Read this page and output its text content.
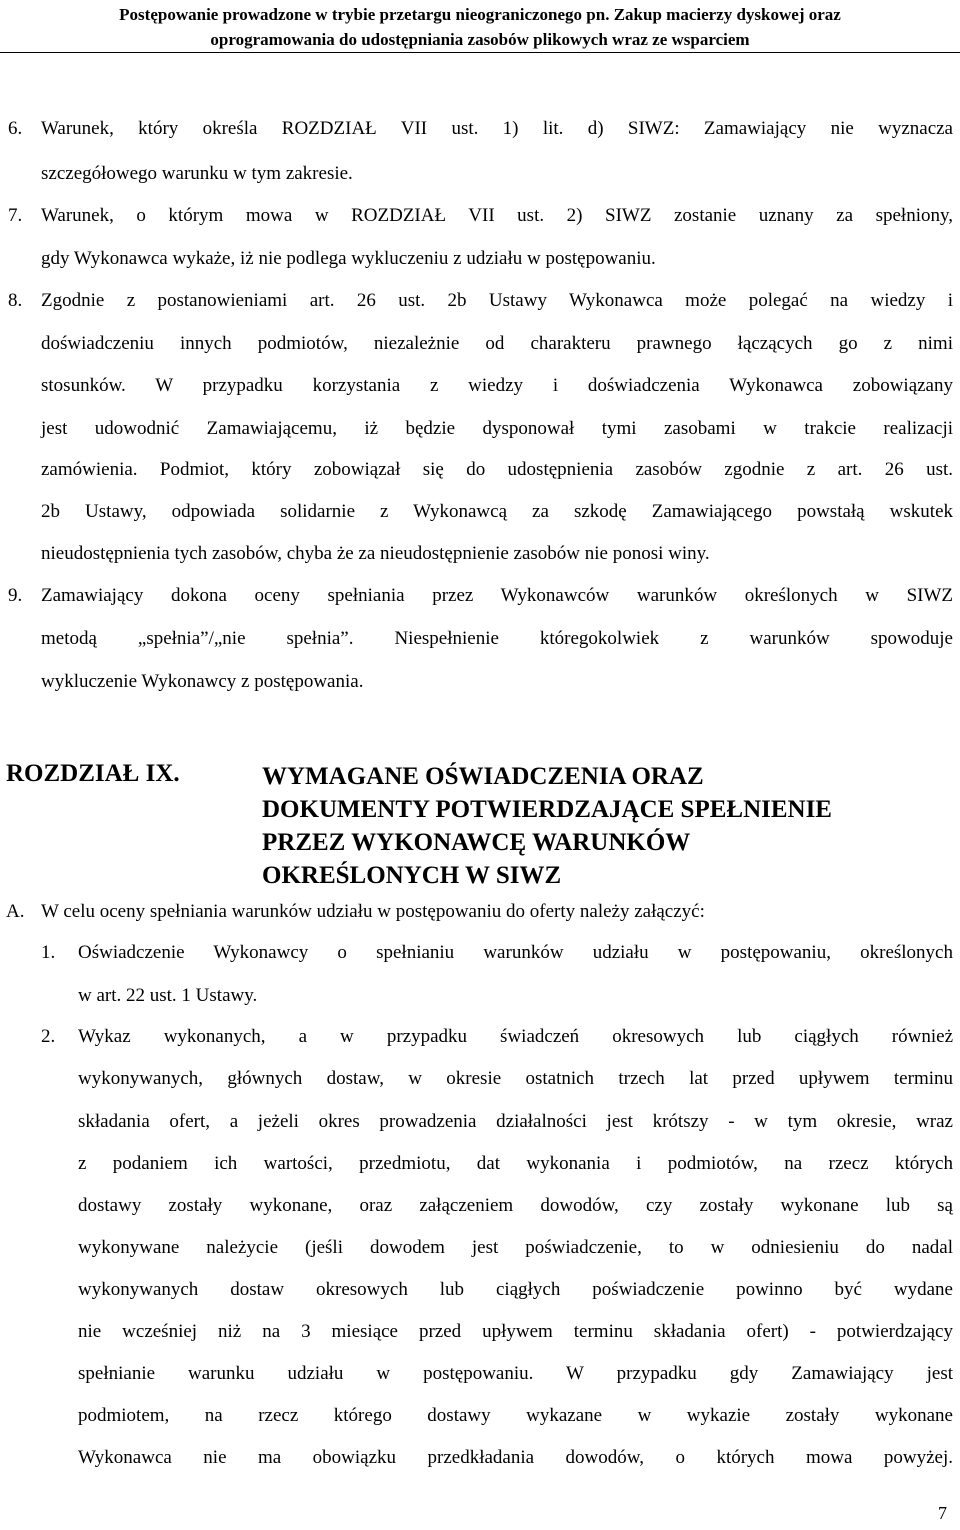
Postępowanie prowadzone w trybie przetargu nieograniczonego pn. Zakup macierzy dyskowej oraz
oprogramowania do udostępniania zasobów plikowych wraz ze wsparciem
6. Warunek, który określa ROZDZIAŁ VII ust. 1) lit. d) SIWZ: Zamawiający nie wyznacza
szczegółowego warunku w tym zakresie.
7. Warunek, o którym mowa w ROZDZIAŁ VII ust. 2) SIWZ zostanie uznany za spełniony,
gdy Wykonawca wykaże, iż nie podlega wykluczeniu z udziału w postępowaniu.
8. Zgodnie z postanowieniami art. 26 ust. 2b Ustawy Wykonawca może polegać na wiedzy i
doświadczeniu innych podmiotów, niezależnie od charakteru prawnego łączących go z nimi
stosunków. W przypadku korzystania z wiedzy i doświadczenia Wykonawca zobowiązany
jest udowodnić Zamawiającemu, iż będzie dysponował tymi zasobami w trakcie realizacji
zamówienia. Podmiot, który zobowiązał się do udostępnienia zasobów zgodnie z art. 26 ust.
2b Ustawy, odpowiada solidarnie z Wykonawcą za szkodę Zamawiającego powstałą wskutek
nieudostępnienia tych zasobów, chyba że za nieudostępnienie zasobów nie ponosi winy.
9. Zamawiający dokona oceny spełniania przez Wykonawców warunków określonych w SIWZ
metodą „spełnia”/„nie spełnia”. Niespełnienie któregokolwiek z warunków spowoduje
wykluczenie Wykonawcy z postępowania.
ROZDZIAŁ IX.	WYMAGANE OŚWIADCZENIA ORAZ
DOKUMENTY POTWIERDZAJĄCE SPEŁNIENIE
PRZEZ WYKONAWCĘ WARUNKÓW
OKREŚLONYCH W SIWZ
A. W celu oceny spełniania warunków udziału w postępowaniu do oferty należy załączyć:
1. Oświadczenie Wykonawcy o spełnianiu warunków udziału w postępowaniu, określonych
w art. 22 ust. 1 Ustawy.
2. Wykaz wykonanych, a w przypadku świadczeń okresowych lub ciągłych również
wykonywanych, głównych dostaw, w okresie ostatnich trzech lat przed upływem terminu
składania ofert, a jeżeli okres prowadzenia działalności jest krótszy - w tym okresie, wraz
z podaniem ich wartości, przedmiotu, dat wykonania i podmiotów, na rzecz których
dostawy zostały wykonane, oraz załączeniem dowodów, czy zostały wykonane lub są
wykonywane należycie (jeśli dowodem jest poświadczenie, to w odniesieniu do nadal
wykonywanych dostaw okresowych lub ciągłych poświadczenie powinno być wydane
nie wcześniej niż na 3 miesiące przed upływem terminu składania ofert) - potwierdzający
spełnianie warunku udziału w postępowaniu. W przypadku gdy Zamawiający jest
podmiotem, na rzecz którego dostawy wykazane w wykazie zostały wykonane
Wykonawca nie ma obowiązku przedkładania dowodów, o których mowa powyżej.
7
